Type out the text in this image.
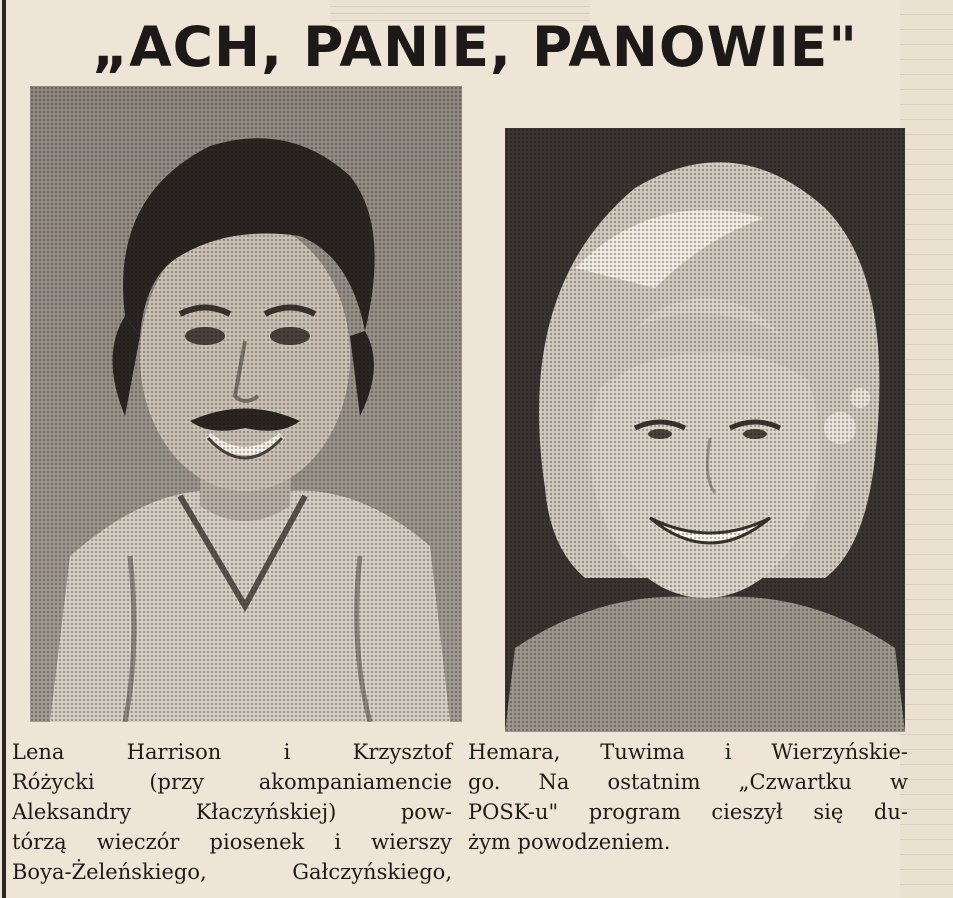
„ACH, PANIE, PANOWIE"
Lena Harrison i Krzysztof
Różycki (przy akompaniamencie
Aleksandry Kłaczyńskiej) pow-
tórzą wieczór piosenek i wierszy
Boya-Żeleńskiego, Gałczyńskiego,
Hemara, Tuwima i Wierzyńskie-
go. Na ostatnim „Czwartku w
POSK-u" program cieszył się du-
żym powodzeniem.
